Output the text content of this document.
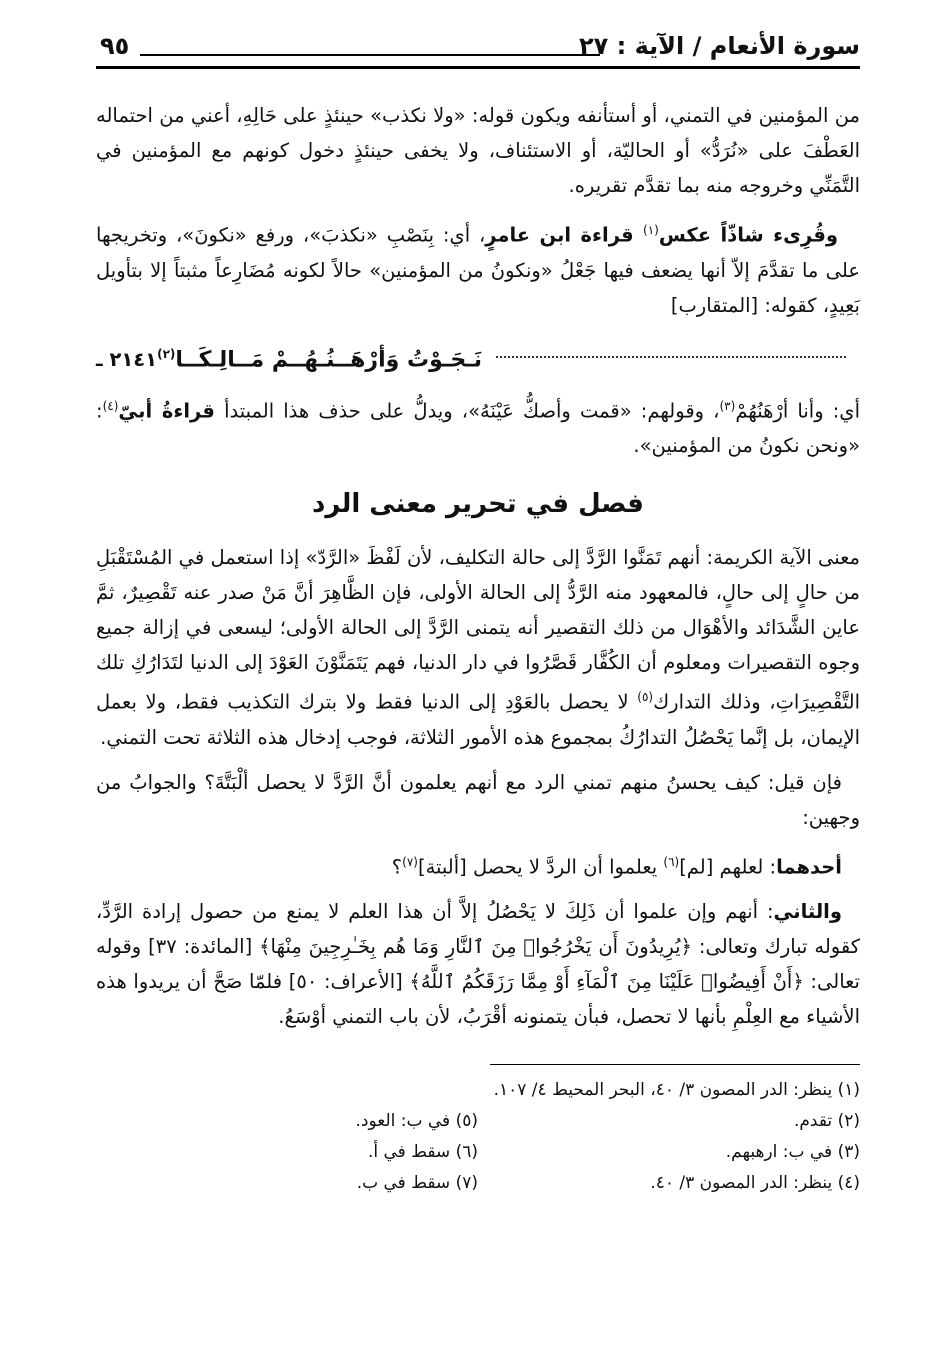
سورة الأنعام / الآية : ٢٧
٩٥

من المؤمنين في التمني، أو أستأنفه ويكون قوله: «ولا نكذب» حينئذٍ على حَالِهِ، أعني من احتماله العَطْفَ على «نُرَدُّ» أو الحاليّة، أو الاستئناف، ولا يخفى حينئذٍ دخول كونهم مع المؤمنين في التَّمَنِّي وخروجه منه بما تقدَّم تقريره.

وقُرِىء شاذّاً عكس$^{(١)}$ قراءة ابن عامرٍ، أي: بِنَصْبِ «نكذبَ»، ورفع «نكونَ»، وتخريجها على ما تقدَّمَ إلاّ أنها يضعف فيها جَعْلُ «ونكونُ من المؤمنين» حالاً لكونه مُضَارِعاً مثبتاً إلا بتأويل بَعِيدٍ، كقوله: [المتقارب]

٢١٤١ ـ نَـجَـوْتُ وَأرْهَــنُـهُــمْ مَــالِـكَــا$^{(٢)}$

أي: وأنا أرْهَنُهُمْ$^{(٣)}$، وقولهم: «قمت وأصكُّ عَيْنَهُ»، ويدلُّ على حذف هذا المبتدأ قراءةُ أبيّ$^{(٤)}$: «ونحن نكونُ من المؤمنين».

فصل في تحرير معنى الرد

معنى الآية الكريمة: أنهم تَمَنَّوا الرَّدَّ إلى حالة التكليف، لأن لَفْظَ «الرَّدّ» إذا استعمل في المُسْتَقْبَلِ من حالٍ إلى حالٍ، فالمعهود منه الرَّدُّ إلى الحالة الأولى، فإن الظَّاهِرَ أنَّ مَنْ صدر عنه تَقْصِيرٌ، ثمَّ عاين الشَّدَائد والأهْوَال من ذلك التقصير أنه يتمنى الرَّدَّ إلى الحالة الأولى؛ ليسعى في إزالة جميع وجوه التقصيرات ومعلوم أن الكُفَّار قَصَّرُوا في دار الدنيا، فهم يَتَمَنَّوْنَ العَوْدَ إلى الدنيا لتَدَارُكِ تلك التَّقْصِيرَاتِ، وذلك التدارك$^{(٥)}$ لا يحصل بالعَوْدِ إلى الدنيا فقط ولا بترك التكذيب فقط، ولا بعمل الإيمان، بل إنَّما يَحْصُلُ التدارُكُ بمجموع هذه الأمور الثلاثة، فوجب إدخال هذه الثلاثة تحت التمني.

فإن قيل: كيف يحسنُ منهم تمني الرد مع أنهم يعلمون أنَّ الرَّدَّ لا يحصل ألْبَتَّةَ؟ والجوابُ من وجهين:

أحدهما: لعلهم [لم]$^{(٦)}$ يعلموا أن الردَّ لا يحصل [ألبتة]$^{(٧)}$؟

والثاني: أنهم وإن علموا أن ذَلِكَ لا يَحْصُلُ إلاَّ أن هذا العلم لا يمنع من حصول إرادة الرَّدِّ، كقوله تبارك وتعالى: ﴿يُرِيدُونَ أَن يَخْرُجُوا۟ مِنَ ٱلنَّارِ وَمَا هُم بِخَـٰرِجِينَ مِنْهَا﴾ [المائدة: ٣٧] وقوله تعالى: ﴿أَنْ أَفِيضُوا۟ عَلَيْنَا مِنَ ٱلْمَآءِ أَوْ مِمَّا رَزَقَكُمُ ٱللَّهُ﴾ [الأعراف: ٥٠] فلمّا صَحَّ أن يريدوا هذه الأشياء مع العِلْمِ بأنها لا تحصل، فبأن يتمنونه أقْرَبُ، لأن باب التمني أوْسَعُ.

(١) ينظر: الدر المصون ٣/ ٤٠، البحر المحيط ٤/ ١٠٧.
(٢) تقدم.
(٥) في ب: العود.
(٣) في ب: ارهبهم.
(٦) سقط في أ.
(٤) ينظر: الدر المصون ٣/ ٤٠.
(٧) سقط في ب.
